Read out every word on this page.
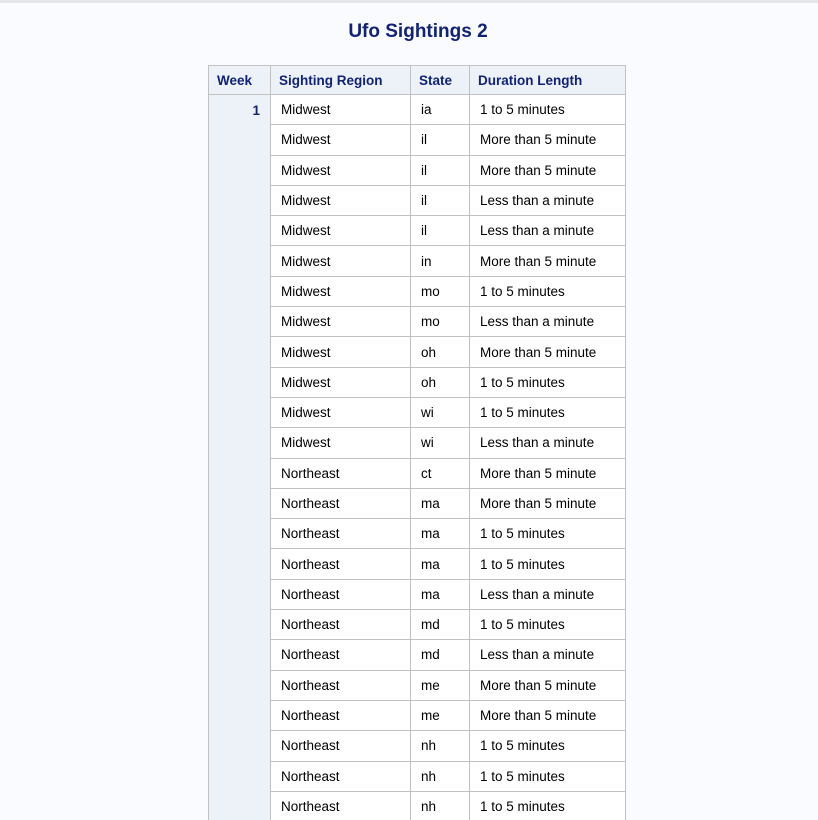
Ufo Sightings 2
Week	Sighting Region	State	Duration Length
1	Midwest	ia	1 to 5 minutes
	Midwest	il	More than 5 minute
	Midwest	il	More than 5 minute
	Midwest	il	Less than a minute
	Midwest	il	Less than a minute
	Midwest	in	More than 5 minute
	Midwest	mo	1 to 5 minutes
	Midwest	mo	Less than a minute
	Midwest	oh	More than 5 minute
	Midwest	oh	1 to 5 minutes
	Midwest	wi	1 to 5 minutes
	Midwest	wi	Less than a minute
	Northeast	ct	More than 5 minute
	Northeast	ma	More than 5 minute
	Northeast	ma	1 to 5 minutes
	Northeast	ma	1 to 5 minutes
	Northeast	ma	Less than a minute
	Northeast	md	1 to 5 minutes
	Northeast	md	Less than a minute
	Northeast	me	More than 5 minute
	Northeast	me	More than 5 minute
	Northeast	nh	1 to 5 minutes
	Northeast	nh	1 to 5 minutes
	Northeast	nh	1 to 5 minutes
